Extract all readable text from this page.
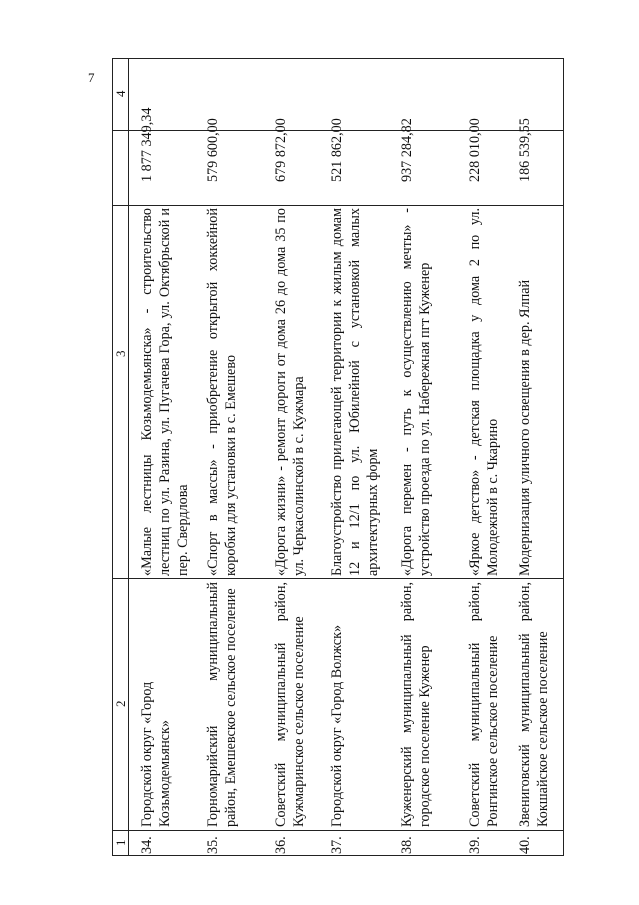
7
4
3
2
1 34.
Городской округ «Город Козьмодемьянск»
«Малые лестницы Козьмодемьянска» - строительство лестниц по ул. Разина, ул. Пугачева Гора, ул. Октябрьской и пер. Свердлова
1 877 349,34
35.
Горномарийский муниципальный район, Емешевское сельское поселение
«Спорт в массы» - приобретение открытой хоккейной коробки для установки в с. Емешево
579 600,00
36.
Советский муниципальный район, Кужмаринское сельское поселение
«Дорога жизни» - ремонт дороги от дома 26 до дома 35 по ул. Черкасолинской в с. Кужмара
679 872,00
37.
Городской округ «Город Волжск»
Благоустройство прилегающей территории к жилым домам 12 и 12/1 по ул. Юбилейной с установкой малых архитектурных форм
521 862,00
38.
Куженерский муниципальный район, городское поселение Куженер
«Дорога перемен - путь к осуществлению мечты» - устройство проезда по ул. Набережная пгт Куженер
937 284,82
39.
Советский муниципальный район, Ронгинское сельское поселение
«Яркое детство» - детская площадка у дома 2 по ул. Молодежной в с. Чкарино
228 010,00
40.
Звениговский муниципальный район, Кокшайское сельское поселение
Модернизация уличного освещения в дер. Ялпай
186 539,55
